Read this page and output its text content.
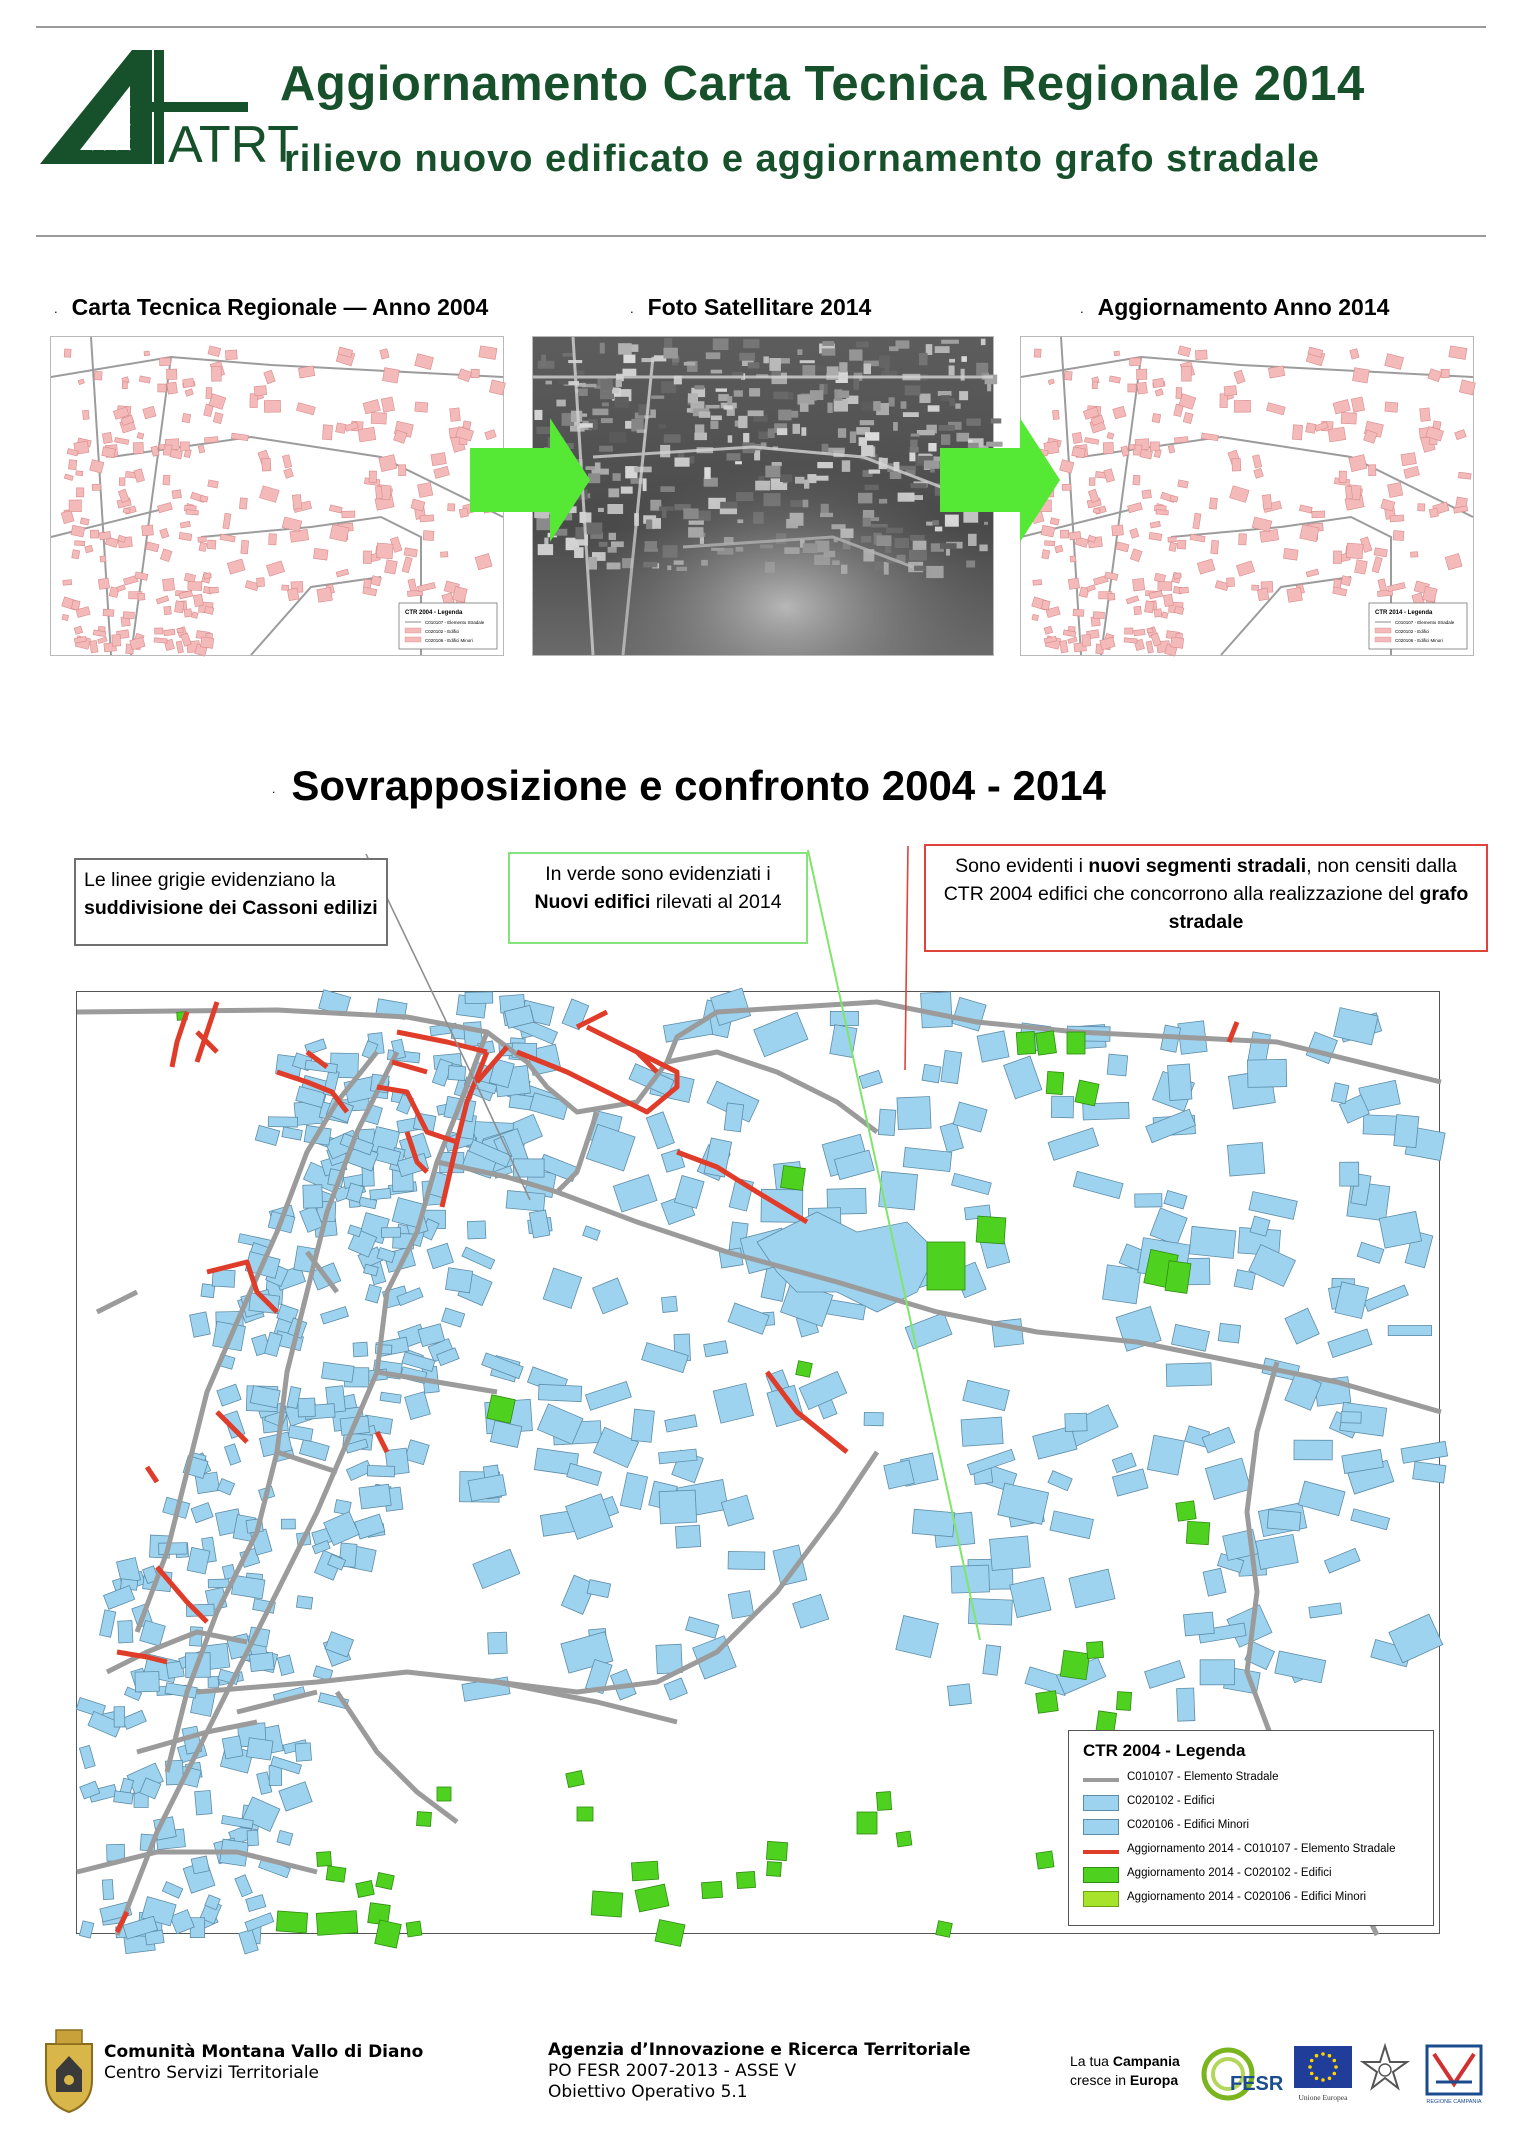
ATRT
Aggiornamento Carta Tecnica Regionale 2014
rilievo nuovo edificato e aggiornamento grafo stradale
. Carta Tecnica Regionale — Anno 2004	. Foto Satellitare 2014	. Aggiornamento Anno 2014
CTR 2004 - Legenda
C010107 - Elemento Stradale
C020102 - Edifici
C020106 - Edifici Minori
CTR 2014 - Legenda
C010107 - Elemento Stradale
C020102 - Edifici
C020106 - Edifici Minori
. Sovrapposizione e confronto 2004 - 2014
CTR 2004 - Legenda
C010107 - Elemento Stradale
C020102 - Edifici
C020106 - Edifici Minori
Aggiornamento 2014 - C010107 - Elemento Stradale
Aggiornamento 2014 - C020102 - Edifici
Aggiornamento 2014 - C020106 - Edifici Minori
Le linee grigie evidenziano la
suddivisione dei Cassoni edilizi
In verde sono evidenziati i
Nuovi edifici rilevati al 2014
Sono evidenti i nuovi segmenti stradali, non censiti dalla CTR 2004 edifici che concorrono alla realizzazione del grafo stradale
Comunità Montana Vallo di Diano
Centro Servizi Territoriale
Agenzia d’Innovazione e Ricerca Territoriale
PO FESR 2007-2013 - ASSE V
Obiettivo Operativo 5.1
La tua Campania
cresce in Europa	FESR
Unione Europea	REGIONE CAMPANIA
